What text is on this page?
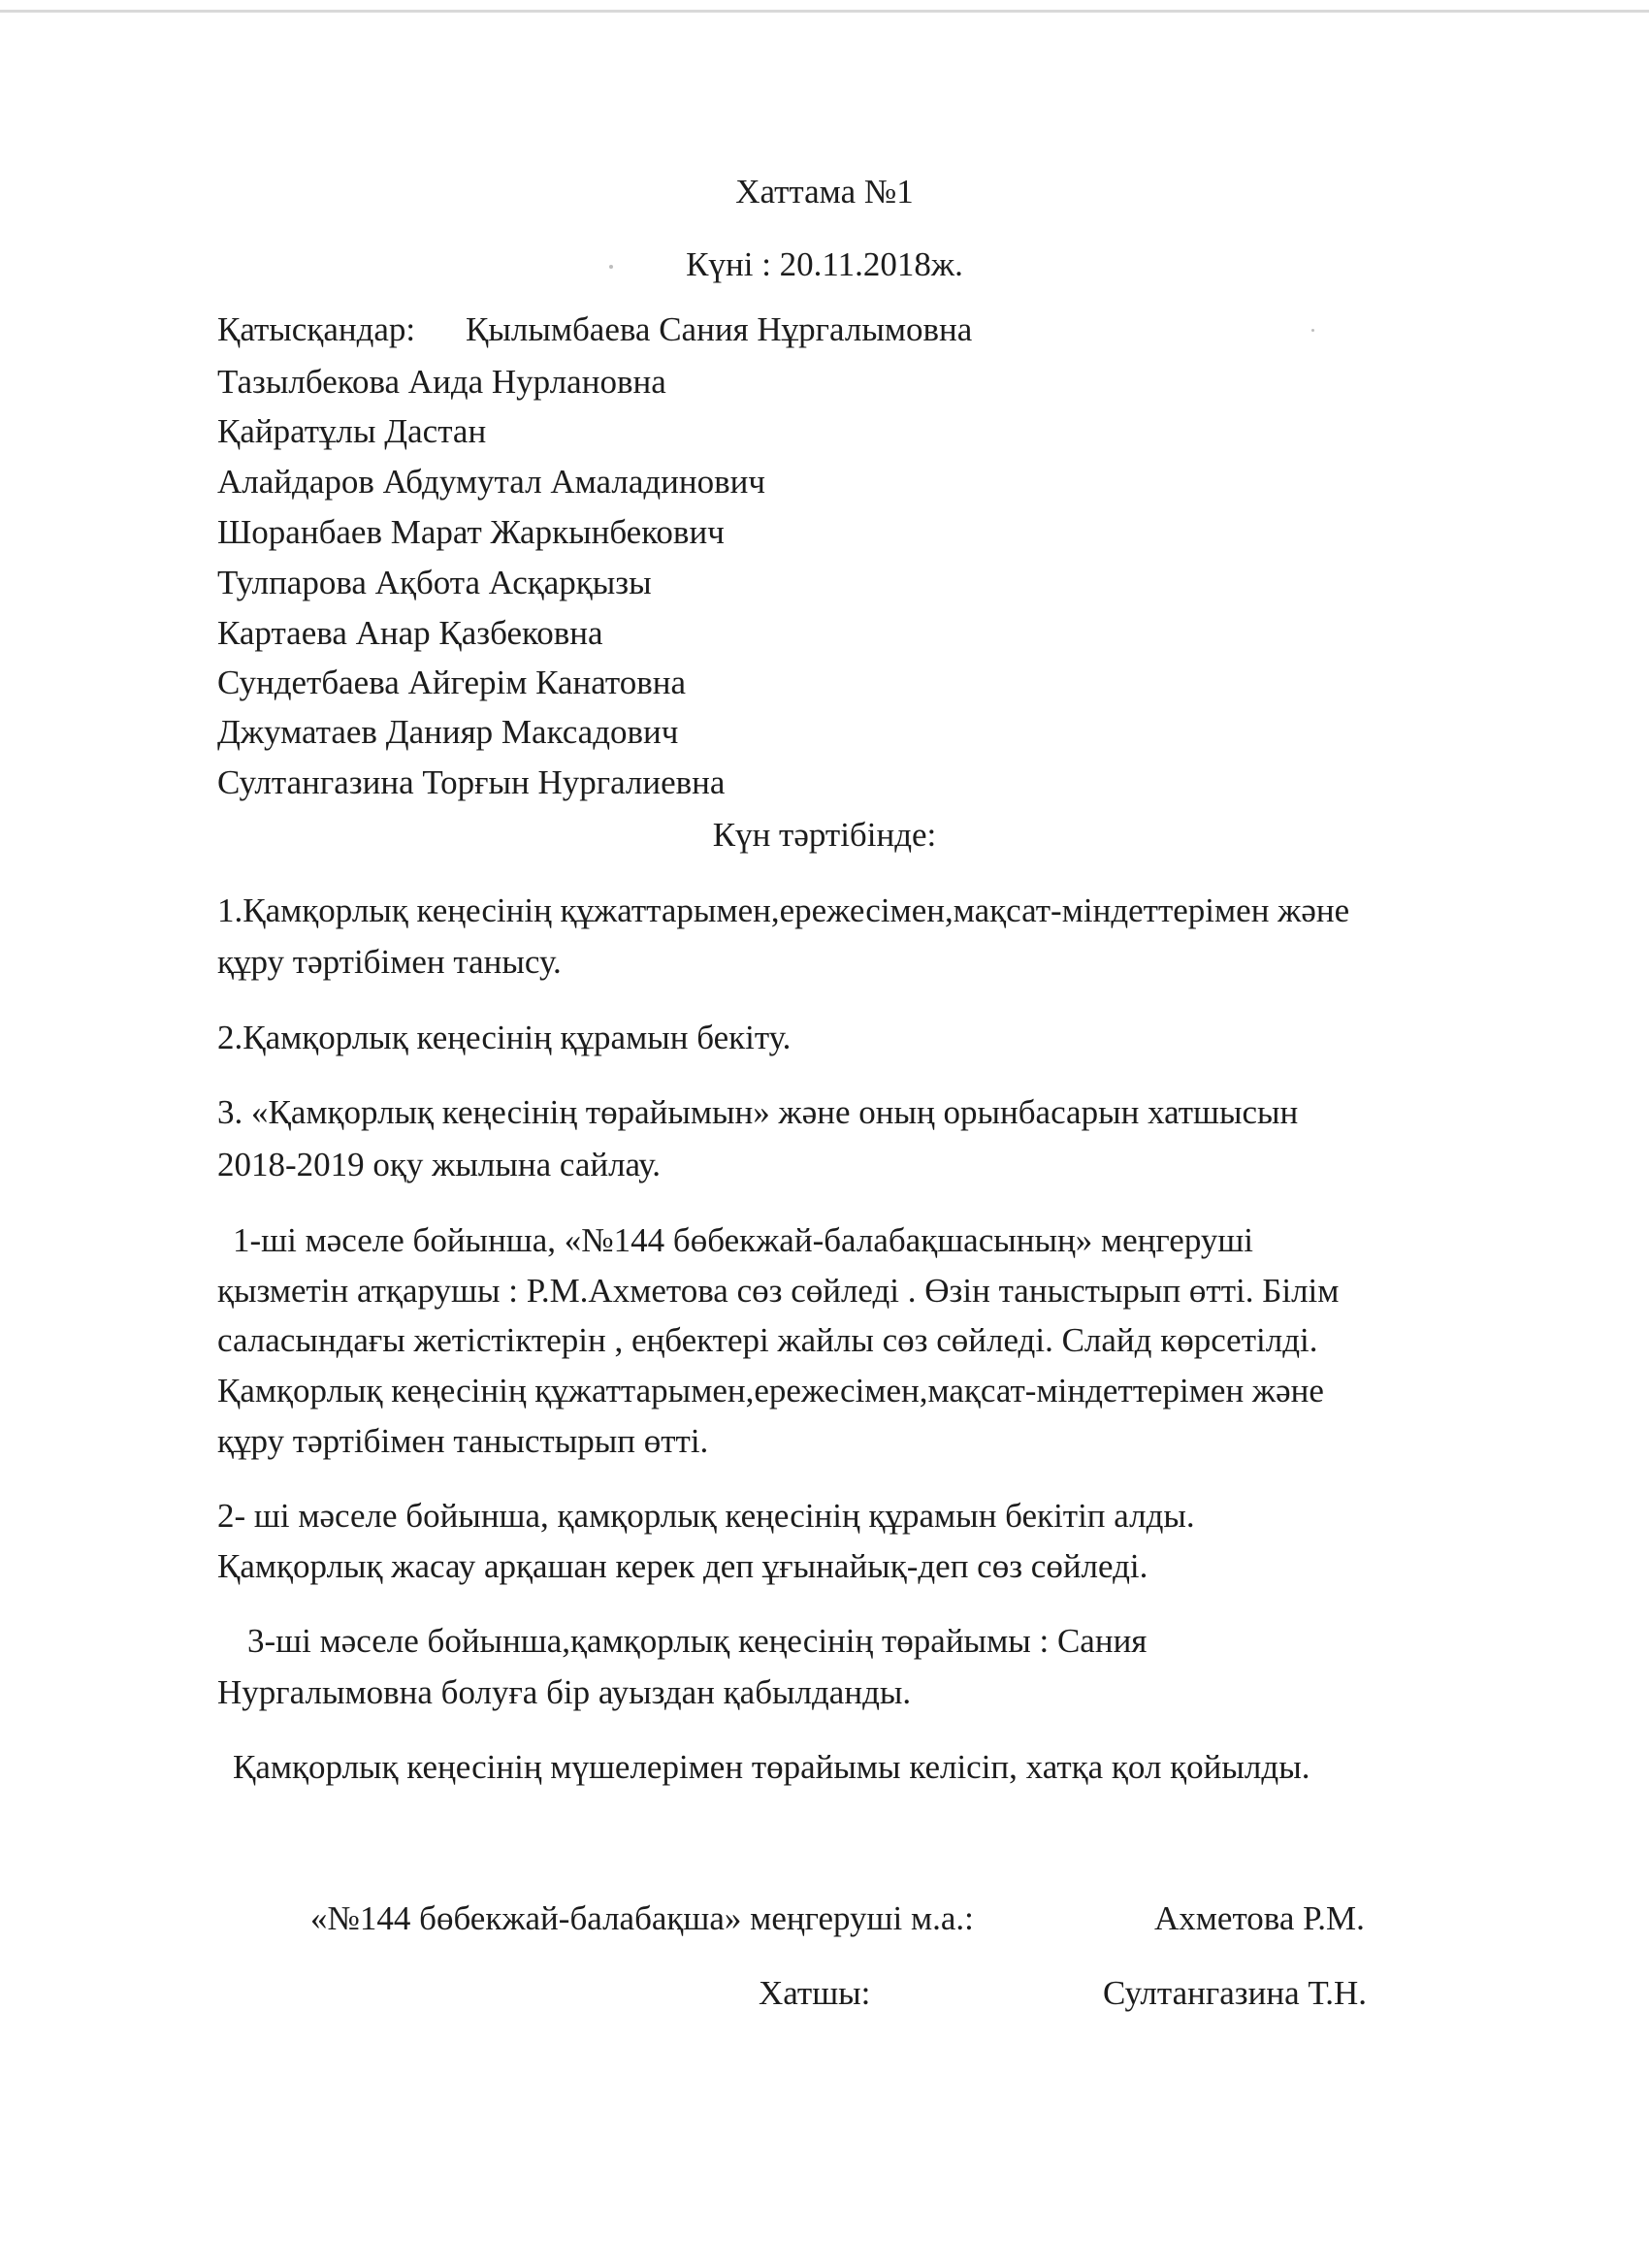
Хаттама №1
Күні : 20.11.2018ж.
Қатысқандар: Қылымбаева Сания Нұргалымовна
Тазылбекова Аида Нурлановна
Қайратұлы Дастан
Алайдаров Абдумутал Амаладинович
Шоранбаев Марат Жаркынбекович
Тулпарова Ақбота Асқарқызы
Картаева Анар Қазбековна
Сундетбаева Айгерім Канатовна
Джуматаев Данияр Максадович
Султангазина Торғын Нургалиевна
Күн тәртібінде:
1.Қамқорлық кеңесінің құжаттарымен,ережесімен,мақсат-міндеттерімен және
құру тәртібімен танысу.
2.Қамқорлық кеңесінің құрамын бекіту.
3. «Қамқорлық кеңесінің төрайымын» және оның орынбасарын хатшысын
2018-2019 оқу жылына сайлау.
1-ші мәселе бойынша, «№144 бөбекжай-балабақшасының» меңгеруші
қызметін атқарушы : Р.М.Ахметова сөз сөйледі . Өзін таныстырып өтті. Білім
саласындағы жетістіктерін , еңбектері жайлы сөз сөйледі. Слайд көрсетілді.
Қамқорлық кеңесінің құжаттарымен,ережесімен,мақсат-міндеттерімен және
құру тәртібімен таныстырып өтті.
2- ші мәселе бойынша, қамқорлық кеңесінің құрамын бекітіп алды.
Қамқорлық жасау арқашан керек деп ұғынайық-деп сөз сөйледі.
3-ші мәселе бойынша,қамқорлық кеңесінің төрайымы : Сания
Нургалымовна болуға бір ауыздан қабылданды.
Қамқорлық кеңесінің мүшелерімен төрайымы келісіп, хатқа қол қойылды.
«№144 бөбекжай-балабақша» меңгеруші м.а.:	Ахметова Р.М.
Хатшы:	Султангазина Т.Н.
